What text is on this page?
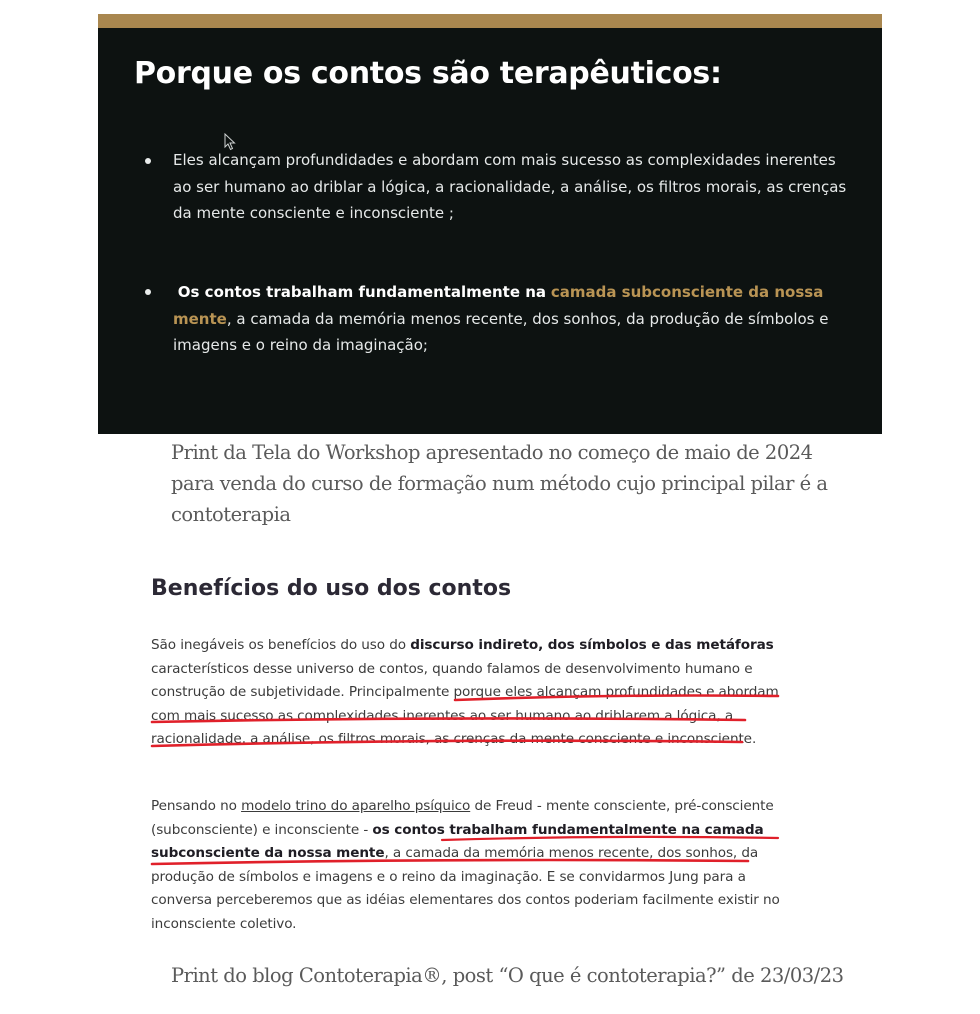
Porque os contos são terapêuticos:
Eles alcançam profundidades e abordam com mais sucesso as complexidades inerentes ao ser humano ao driblar a lógica, a racionalidade, a análise, os filtros morais, as crenças da mente consciente e inconsciente ;
Os contos trabalham fundamentalmente na camada subconsciente da nossa mente, a camada da memória menos recente, dos sonhos, da produção de símbolos e imagens e o reino da imaginação;

Print da Tela do Workshop apresentado no começo de maio de 2024 para venda do curso de formação num método cujo principal pilar é a contoterapia

Benefícios do uso dos contos

São inegáveis os benefícios do uso do discurso indireto, dos símbolos e das metáforas característicos desse universo de contos, quando falamos de desenvolvimento humano e construção de subjetividade. Principalmente porque eles alcançam profundidades e abordam com mais sucesso as complexidades inerentes ao ser humano ao driblarem a lógica, a racionalidade, a análise, os filtros morais, as crenças da mente consciente e inconsciente.

Pensando no modelo trino do aparelho psíquico de Freud - mente consciente, pré-consciente (subconsciente) e inconsciente - os contos trabalham fundamentalmente na camada subconsciente da nossa mente, a camada da memória menos recente, dos sonhos, da produção de símbolos e imagens e o reino da imaginação. E se convidarmos Jung para a conversa perceberemos que as idéias elementares dos contos poderiam facilmente existir no inconsciente coletivo.

Print do blog Contoterapia®, post “O que é contoterapia?” de 23/03/23
